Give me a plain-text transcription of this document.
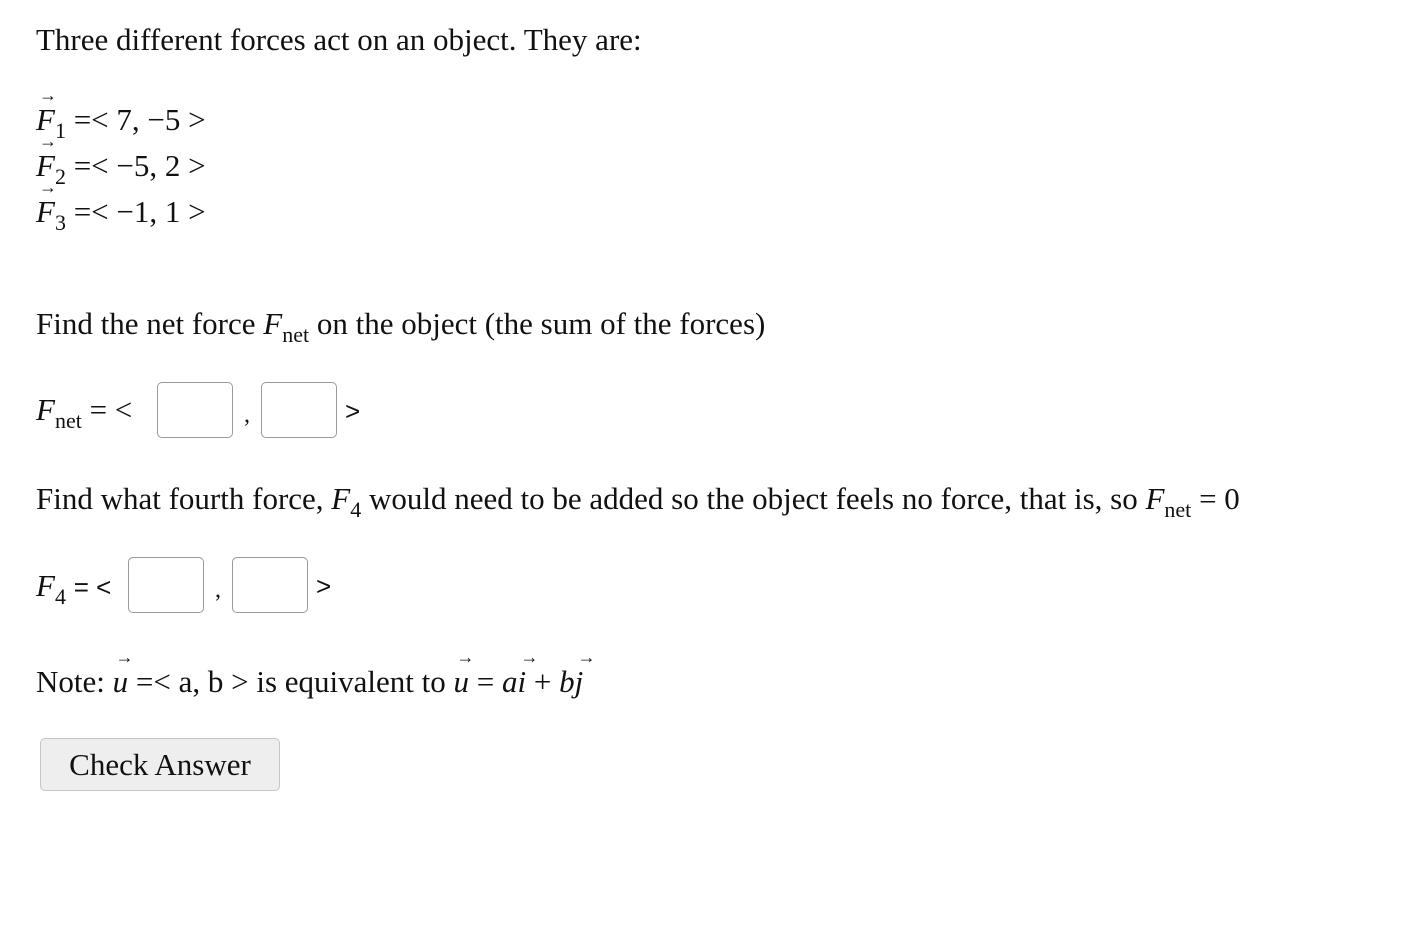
Three different forces act on an object. They are:
→
$F_1 =< 7$, −5 >
→
$F_2 =< -5$, 2 >
→
$F_3 =< -1$, 1 >
Find the net force $F_{net}$ on the object (the sum of the forces)
$F_{net}$ = <	,	>
Find what fourth force, $F_4$ would need to be added so the object feels no force, that is, so $F_{net} = 0$
$F_4$ = <	,	>
Note:
→
u =< a, b > is equivalent to
→
u = a
→
i + b
→
j
Check Answer
